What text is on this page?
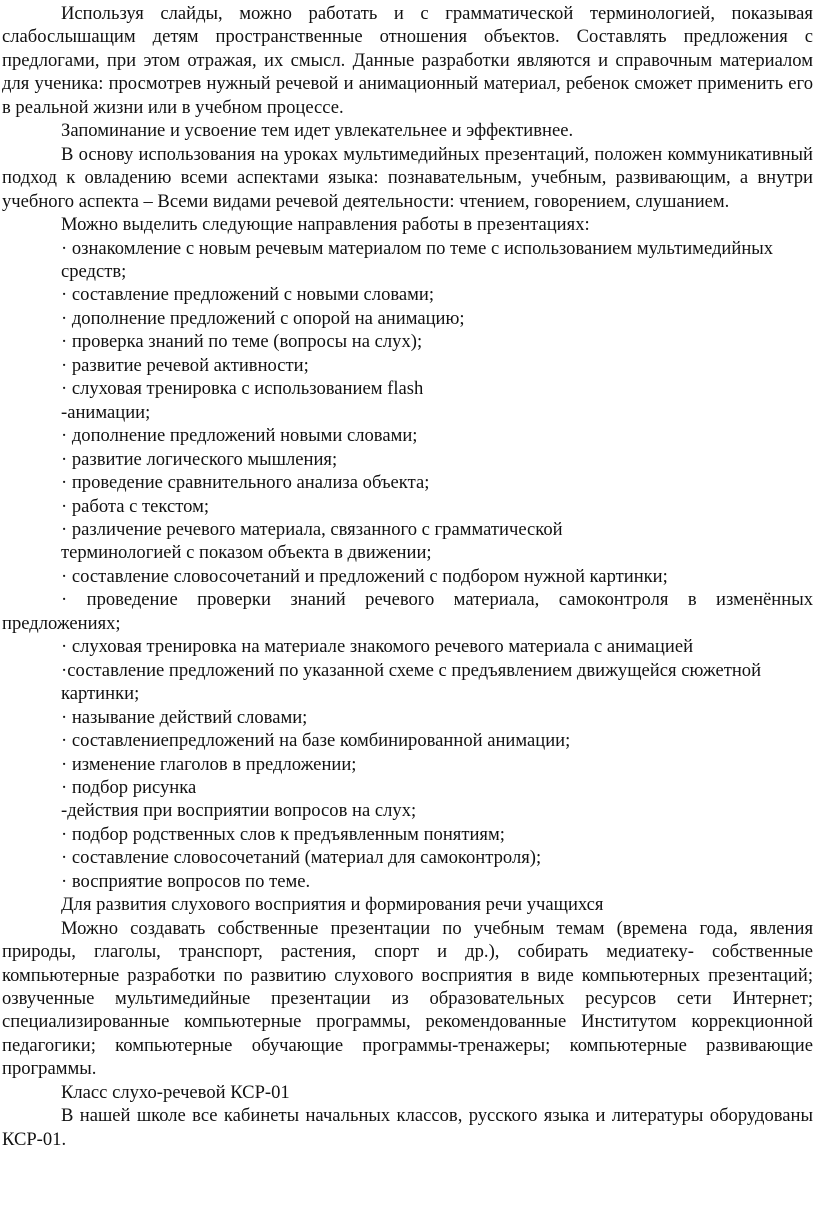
Используя слайды, можно работать и с грамматической терминологией, показывая слабослышащим детям пространственные отношения объектов. Составлять предложения с предлогами, при этом отражая, их смысл. Данные разработки являются и справочным материалом для ученика: просмотрев нужный речевой и анимационный материал, ребенок сможет применить его в реальной жизни или в учебном процессе.

Запоминание и усвоение тем идет увлекательнее и эффективнее.

В основу использования на уроках мультимедийных презентаций, положен коммуникативный подход к овладению всеми аспектами языка: познавательным, учебным, развивающим, а внутри учебного аспекта – Всеми видами речевой деятельности: чтением, говорением, слушанием.

Можно выделить следующие направления работы в презентациях:

· ознакомление с новым речевым материалом по теме с использованием мультимедийных средств;

· составление предложений с новыми словами;

· дополнение предложений с опорой на анимацию;

· проверка знаний по теме (вопросы на слух);

· развитие речевой активности;

· слуховая тренировка с использованием flash

-анимации;

· дополнение предложений новыми словами;

· развитие логического мышления;

· проведение сравнительного анализа объекта;

· работа с текстом;

· различение речевого материала, связанного с грамматической терминологией с показом объекта в движении;

· составление словосочетаний и предложений с подбором нужной картинки;

· проведение проверки знаний речевого материала, самоконтроля в изменённых предложениях;

· слуховая тренировка на материале знакомого речевого материала с анимацией

·составление предложений по указанной схеме с предъявлением движущейся сюжетной картинки;

· называние действий словами;

· составлениепредложений на базе комбинированной анимации;

· изменение глаголов в предложении;

· подбор рисунка

-действия при восприятии вопросов на слух;

· подбор родственных слов к предъявленным понятиям;

· составление словосочетаний (материал для самоконтроля);

· восприятие вопросов по теме.

Для развития слухового восприятия и формирования речи учащихся

Можно создавать собственные презентации по учебным темам (времена года, явления природы, глаголы, транспорт, растения, спорт и др.), собирать медиатеку- собственные компьютерные разработки по развитию слухового восприятия в виде компьютерных презентаций; озвученные мультимедийные презентации из образовательных ресурсов сети Интернет; специализированные компьютерные программы, рекомендованные Институтом коррекционной педагогики; компьютерные обучающие программы-тренажеры; компьютерные развивающие программы.

Класс слухо-речевой КСР-01

В нашей школе все кабинеты начальных классов, русского языка и литературы оборудованы КСР-01.
